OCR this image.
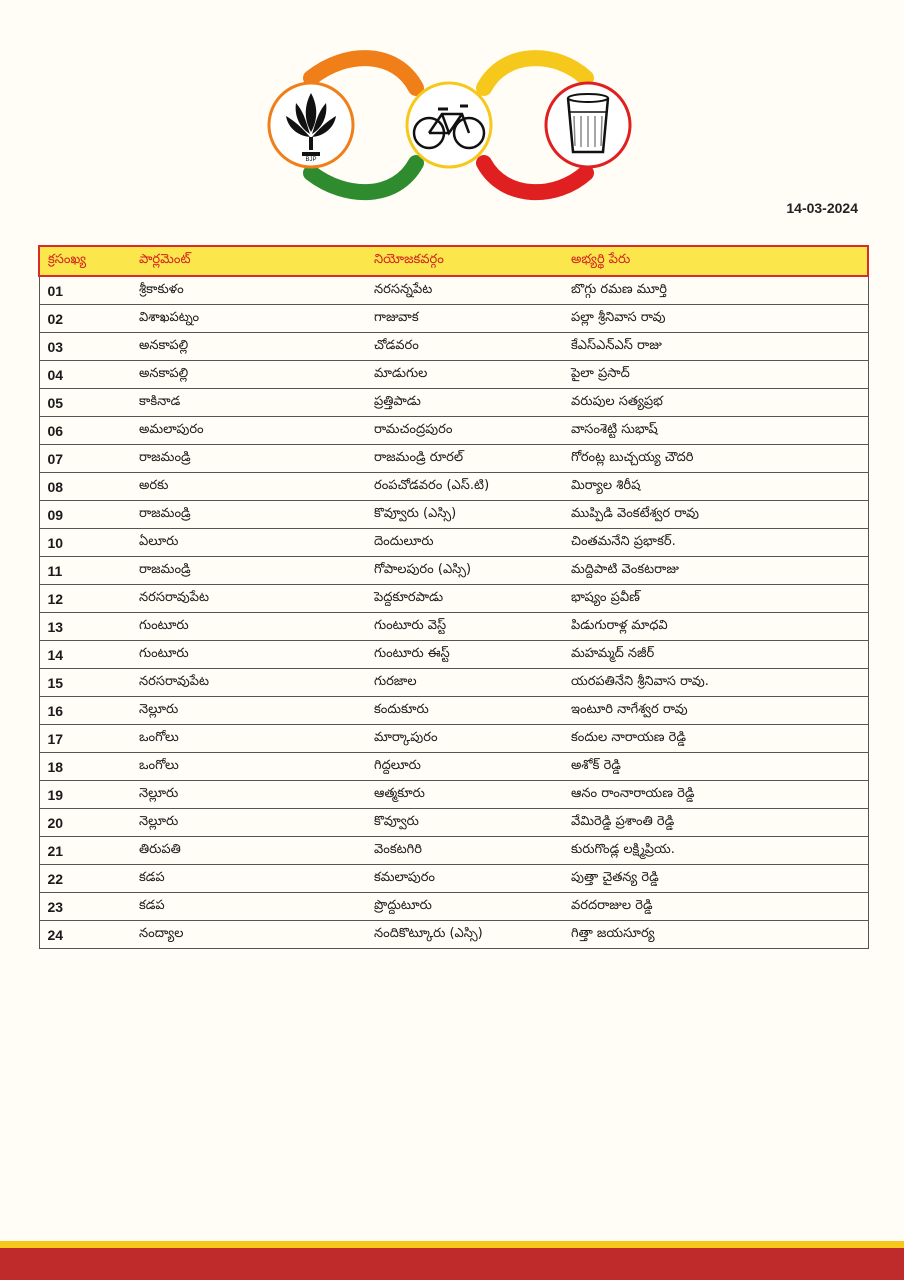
BJP
14-03-2024
క్రసంఖ్య	పార్లమెంట్	నియోజకవర్గం	అభ్యర్థి పేరు
01	శ్రీకాకుళం	నరసన్నపేట	బొగ్గు రమణ మూర్తి
02	విశాఖపట్నం	గాజువాక	పల్లా శ్రీనివాస రావు
03	అనకాపల్లి	చోడవరం	కేఎస్ఎన్ఎస్ రాజు
04	అనకాపల్లి	మాడుగుల	పైలా ప్రసాద్
05	కాకినాడ	ప్రత్తిపాడు	వరుపుల సత్యప్రభ
06	అమలాపురం	రామచంద్రపురం	వాసంశెట్టి సుభాష్
07	రాజమండ్రి	రాజమండ్రి రూరల్	గోరంట్ల బుచ్చయ్య చౌదరి
08	అరకు	రంపచోడవరం (ఎస్.టి)	మిర్యాల శిరీష
09	రాజమండ్రి	కొవ్వూరు (ఎస్సి)	ముప్పిడి వెంకటేశ్వర రావు
10	ఏలూరు	దెందులూరు	చింతమనేని ప్రభాకర్.
11	రాజమండ్రి	గోపాలపురం (ఎస్సి)	మద్దిపాటి వెంకటరాజు
12	నరసరావుపేట	పెద్దకూరపాడు	భాష్యం ప్రవీణ్
13	గుంటూరు	గుంటూరు వెస్ట్	పిడుగురాళ్ల మాధవి
14	గుంటూరు	గుంటూరు ఈస్ట్	మహమ్మద్ నజీర్
15	నరసరావుపేట	గురజాల	యరపతినేని శ్రీనివాస రావు.
16	నెల్లూరు	కందుకూరు	ఇంటూరి నాగేశ్వర రావు
17	ఒంగోలు	మార్కాపురం	కందుల నారాయణ రెడ్డి
18	ఒంగోలు	గిద్దలూరు	అశోక్ రెడ్డి
19	నెల్లూరు	ఆత్మకూరు	ఆనం రాంనారాయణ రెడ్డి
20	నెల్లూరు	కొవ్వూరు	వేమిరెడ్డి ప్రశాంతి రెడ్డి
21	తిరుపతి	వెంకటగిరి	కురుగొండ్ల లక్ష్మిప్రియ.
22	కడప	కమలాపురం	పుత్తా చైతన్య రెడ్డి
23	కడప	ప్రొద్దుటూరు	వరదరాజుల రెడ్డి
24	నంద్యాల	నందికొట్కూరు (ఎస్సి)	గిత్తా జయసూర్య
